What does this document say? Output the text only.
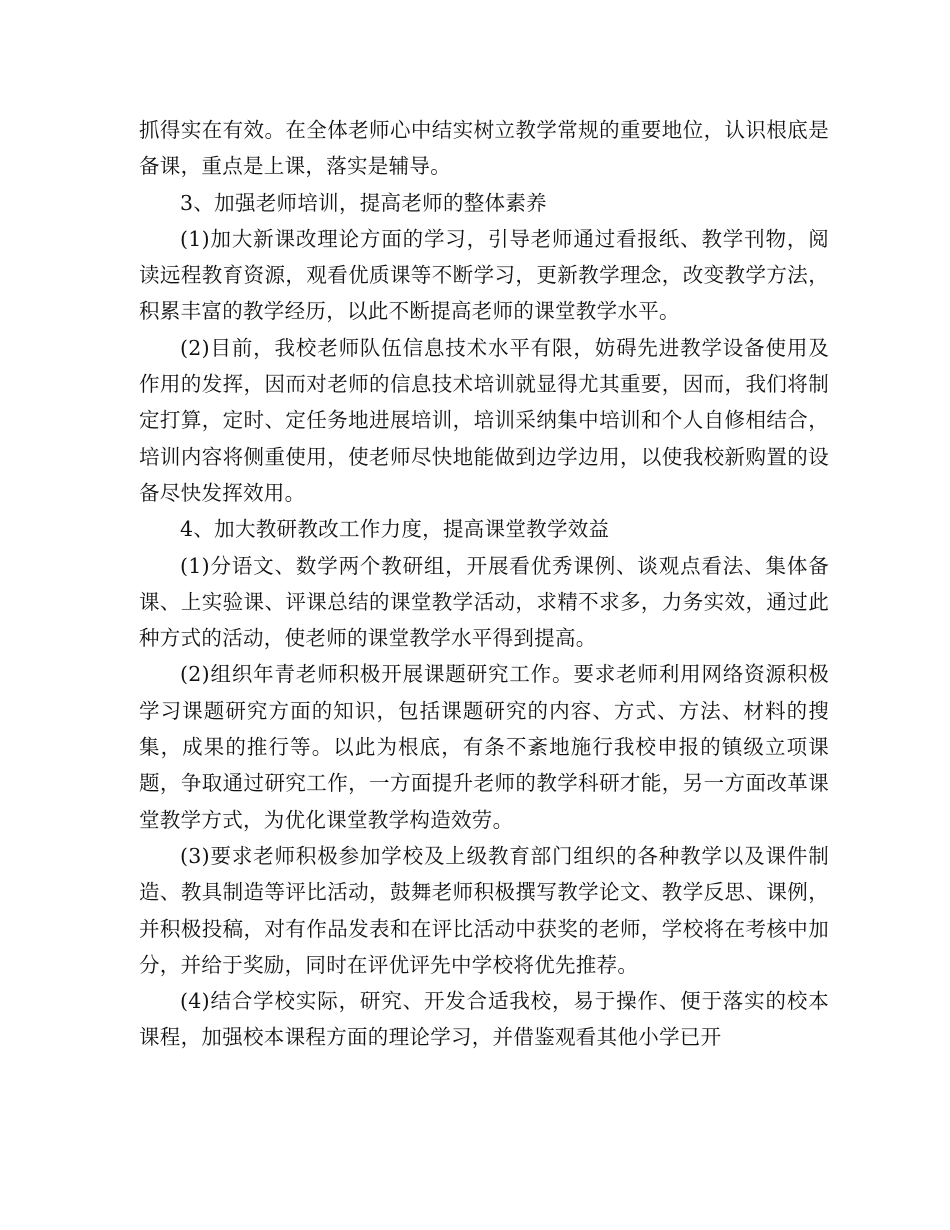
抓得实在有效。在全体老师心中结实树立教学常规的重要地位，认识根底是备课，重点是上课，落实是辅导。

3、加强老师培训，提高老师的整体素养

(1)加大新课改理论方面的学习，引导老师通过看报纸、教学刊物，阅读远程教育资源，观看优质课等不断学习，更新教学理念，改变教学方法，积累丰富的教学经历，以此不断提高老师的课堂教学水平。

(2)目前，我校老师队伍信息技术水平有限，妨碍先进教学设备使用及作用的发挥，因而对老师的信息技术培训就显得尤其重要，因而，我们将制定打算，定时、定任务地进展培训，培训采纳集中培训和个人自修相结合，培训内容将侧重使用，使老师尽快地能做到边学边用，以使我校新购置的设备尽快发挥效用。

4、加大教研教改工作力度，提高课堂教学效益

(1)分语文、数学两个教研组，开展看优秀课例、谈观点看法、集体备课、上实验课、评课总结的课堂教学活动，求精不求多，力务实效，通过此种方式的活动，使老师的课堂教学水平得到提高。

(2)组织年青老师积极开展课题研究工作。要求老师利用网络资源积极学习课题研究方面的知识，包括课题研究的内容、方式、方法、材料的搜集，成果的推行等。以此为根底，有条不紊地施行我校申报的镇级立项课题，争取通过研究工作，一方面提升老师的教学科研才能，另一方面改革课堂教学方式，为优化课堂教学构造效劳。

(3)要求老师积极参加学校及上级教育部门组织的各种教学以及课件制造、教具制造等评比活动，鼓舞老师积极撰写教学论文、教学反思、课例，并积极投稿，对有作品发表和在评比活动中获奖的老师，学校将在考核中加分，并给于奖励，同时在评优评先中学校将优先推荐。

(4)结合学校实际，研究、开发合适我校，易于操作、便于落实的校本课程，加强校本课程方面的理论学习，并借鉴观看其他小学已开
